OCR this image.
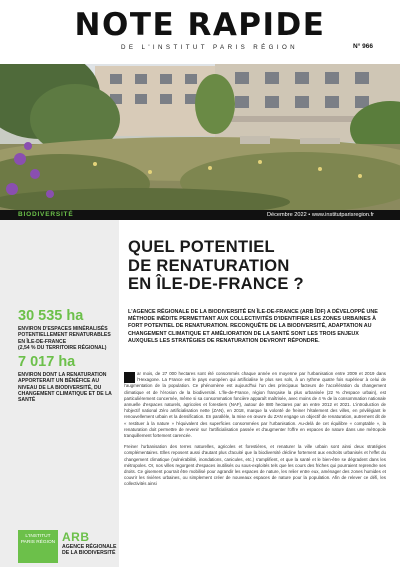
NOTE RAPIDE
DE L'INSTITUT PARIS RÉGION	N° 966
BIODIVERSITÉ	Décembre 2022 • www.institutparisregion.fr
30 535 ha
ENVIRON D'ESPACES MINÉRALISÉS POTENTIELLEMENT RENATURABLES EN ÎLE-DE-FRANCE
(2,54 % DU TERRITOIRE RÉGIONAL)
7 017 ha
ENVIRON DONT LA RENATURATION APPORTERAIT UN BÉNÉFICE AU NIVEAU DE LA BIODIVERSITÉ, DU CHANGEMENT CLIMATIQUE ET DE LA SANTÉ
L'INSTITUT PARIS RÉGION ARB
AGENCE RÉGIONALE DE LA BIODIVERSITÉ
QUEL POTENTIEL
DE RENATURATION
EN ÎLE-DE-FRANCE ?
L'AGENCE RÉGIONALE DE LA BIODIVERSITÉ EN ÎLE-DE-FRANCE (ARB ÎDF) A DÉVELOPPÉ UNE MÉTHODE INÉDITE PERMETTANT AUX COLLECTIVITÉS D'IDENTIFIER LES ZONES URBAINES À FORT POTENTIEL DE RENATURATION. RECONQUÊTE DE LA BIODIVERSITÉ, ADAPTATION AU CHANGEMENT CLIMATIQUE ET AMÉLIORATION DE LA SANTÉ SONT LES TROIS ENJEUX AUXQUELS LES STRATÉGIES DE RENATURATION DEVRONT RÉPONDRE.

ar mois, de 27 000 hectares sont été consommés chaque année en moyenne par l'urbanisation entre 2009 et 2019 dans l'Hexagone. La France est le pays européen qui artificialise le plus ses sols, à un rythme quatre fois supérieur à celui de l'augmentation de la population. Ce phénomène est aujourd'hui l'un des principaux facteurs de l'accélération du changement climatique et de l'érosion de la biodiversité. L'Île-de-France, région française la plus urbanisée (22 % d'espace urbain), est particulièrement concernée, même si sa consommation foncière apparaît maîtrisée, avec moins de 4 % de la consommation nationale annuelle d'espaces naturels, agricoles et forestiers (NAF), autour de 880 hectares par an entre 2012 et 2021. L'introduction de l'objectif national Zéro artificialisation nette (ZAN), en 2018, marque la volonté de freiner l'étalement des villes, en privilégiant le renouvellement urbain et la densification. En parallèle, la mise en œuvre du ZAN engage un objectif de renaturation, autrement dit de « restituer à la nature » l'équivalent des superficies consommées par l'urbanisation. Au-delà de cet équilibre « comptable », la renaturation doit permettre de revenir sur l'artificialisation passée et d'augmenter l'offre en espaces de nature dans une métropole tranquillement fortement carencée.

Freiner l'urbanisation des terres naturelles, agricoles et forestières, et renaturer la ville urbain sont ainsi deux stratégies complémentaires. Elles reposent aussi d'autant plus d'acuité que la biodiversité décline fortement aux endroits urbanisés et l'effet du changement climatique (vulnérabilité, inondations, canicules, etc.) s'amplifient, et que la santé et le bien-être se dégradent dans les métropoles. Or, nos villes regorgent d'espaces inutilisés ou sous-exploités tels que les cours des friches qui pourraient reprendre ses droits. Ce gisement pourrait être mobilisé pour agrandir les espaces de nature, les relier entre eux, aménager des zones humides et couvrir les rivières urbaines, ou simplement créer de nouveaux espaces de nature pour la population. Afin de relever ce défi, les collectivités ainsi
